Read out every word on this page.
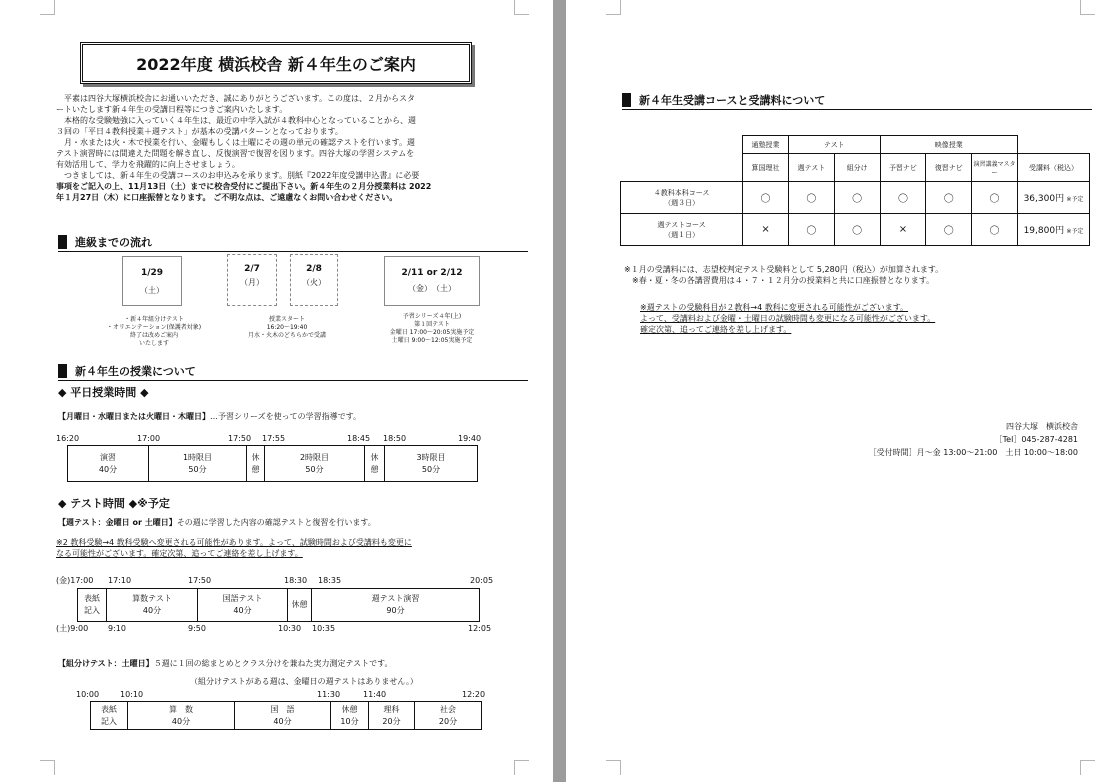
2022年度 横浜校舎 新４年生のご案内
平素は四谷大塚横浜校舎にお通いいただき、誠にありがとうございます。この度は、２月からスタ
ートいたします新４年生の受講日程等につきご案内いたします。
本格的な受験勉強に入っていく４年生は、最近の中学入試が４教科中心となっていることから、週
３回の「平日４教科授業＋週テスト」が基本の受講パターンとなっております。
月・水または火・木で授業を行い、金曜もしくは土曜にその週の単元の確認テストを行います。週
テスト演習時には間違えた問題を解き直し、反復演習で復習を図ります。四谷大塚の学習システムを
有効活用して、学力を飛躍的に向上させましょう。
つきましては、新４年生の受講コースのお申込みを承ります。別紙『2022年度受講申込書』に必要
事項をご記入の上、11月13日（土）までに校舎受付にご提出下さい。新４年生の２月分授業料は 2022
年１月27日（木）に口座振替となります。 ご不明な点は、ご遠慮なくお問い合わせください。
進級までの流れ
1/29
（土）
2/7
（月）
2/8
（火）
2/11 or 2/12
（金）　（土）
・新４年組分けテスト
・オリエンテーション(保護者対象)
終了は改めご案内
いたします
授業スタート
16:20～19:40
月水・火木のどちらかで受講
予習シリーズ４年(上)
第１回テスト
金曜日 17:00～20:05実施予定
土曜日 9:00～12:05実施予定
新４年生の授業について
◆ 平日授業時間 ◆
【月曜日・水曜日または火曜日・木曜日】…予習シリーズを使っての学習指導です。
16:20	17:00	17:50 17:55	18:45 18:50	19:40
演習
40分
1時限目
50分
休
憩
2時限目
50分
休
憩
3時限目
50分
◆ テスト時間 ◆※予定
【週テスト：金曜日 or 土曜日】その週に学習した内容の確認テストと復習を行います。
※2 教科受験→4 教科受験へ変更される可能性があります。よって、試験時間および受講料も変更に
なる可能性がございます。確定次第、追ってご連絡を差し上げます。
(金)17:00 17:10	17:50	18:30 18:35	20:05
表紙
記入
算数テスト
40分
国語テスト
40分
休憩
週テスト演習
90分
(土)9:00 9:10	9:50	10:30 10:35	12:05
【組分けテスト：土曜日】５週に１回の総まとめとクラス分けを兼ねた実力測定テストです。
（組分けテストがある週は、金曜日の週テストはありません。）
10:00	10:10	11:30	11:40	12:20
表紙
記入
算　数
40分
国　語
40分
休憩
10分
理科
20分
社会
20分
新４年生受講コースと受講料について
	通塾授業	テスト		映像授業			
	算国理社	週テスト	組分け	予習ナビ	復習ナビ	演習講義マスター	受講料（税込）

４教科本科コース
（週３日）	〇	〇	〇	〇	〇	〇	36,300円 ※予定

週テストコース
（週１日）	×	〇	〇	×	〇	〇	19,800円 ※予定
※１月の受講料には、志望校判定テスト受験料として 5,280円（税込）が加算されます。
　※春・夏・冬の各講習費用は４・７・１２月分の授業料と共に口座振替となります。
※週テストの受験科目が２教科→4 教科に変更される可能性がございます。
よって、受講料および金曜・土曜日の試験時間も変更になる可能性がございます。
確定次第、追ってご連絡を差し上げます。
四谷大塚　横浜校舎
［Tel］045-287-4281
［受付時間］月～金 13:00～21:00　土日 10:00～18:00
